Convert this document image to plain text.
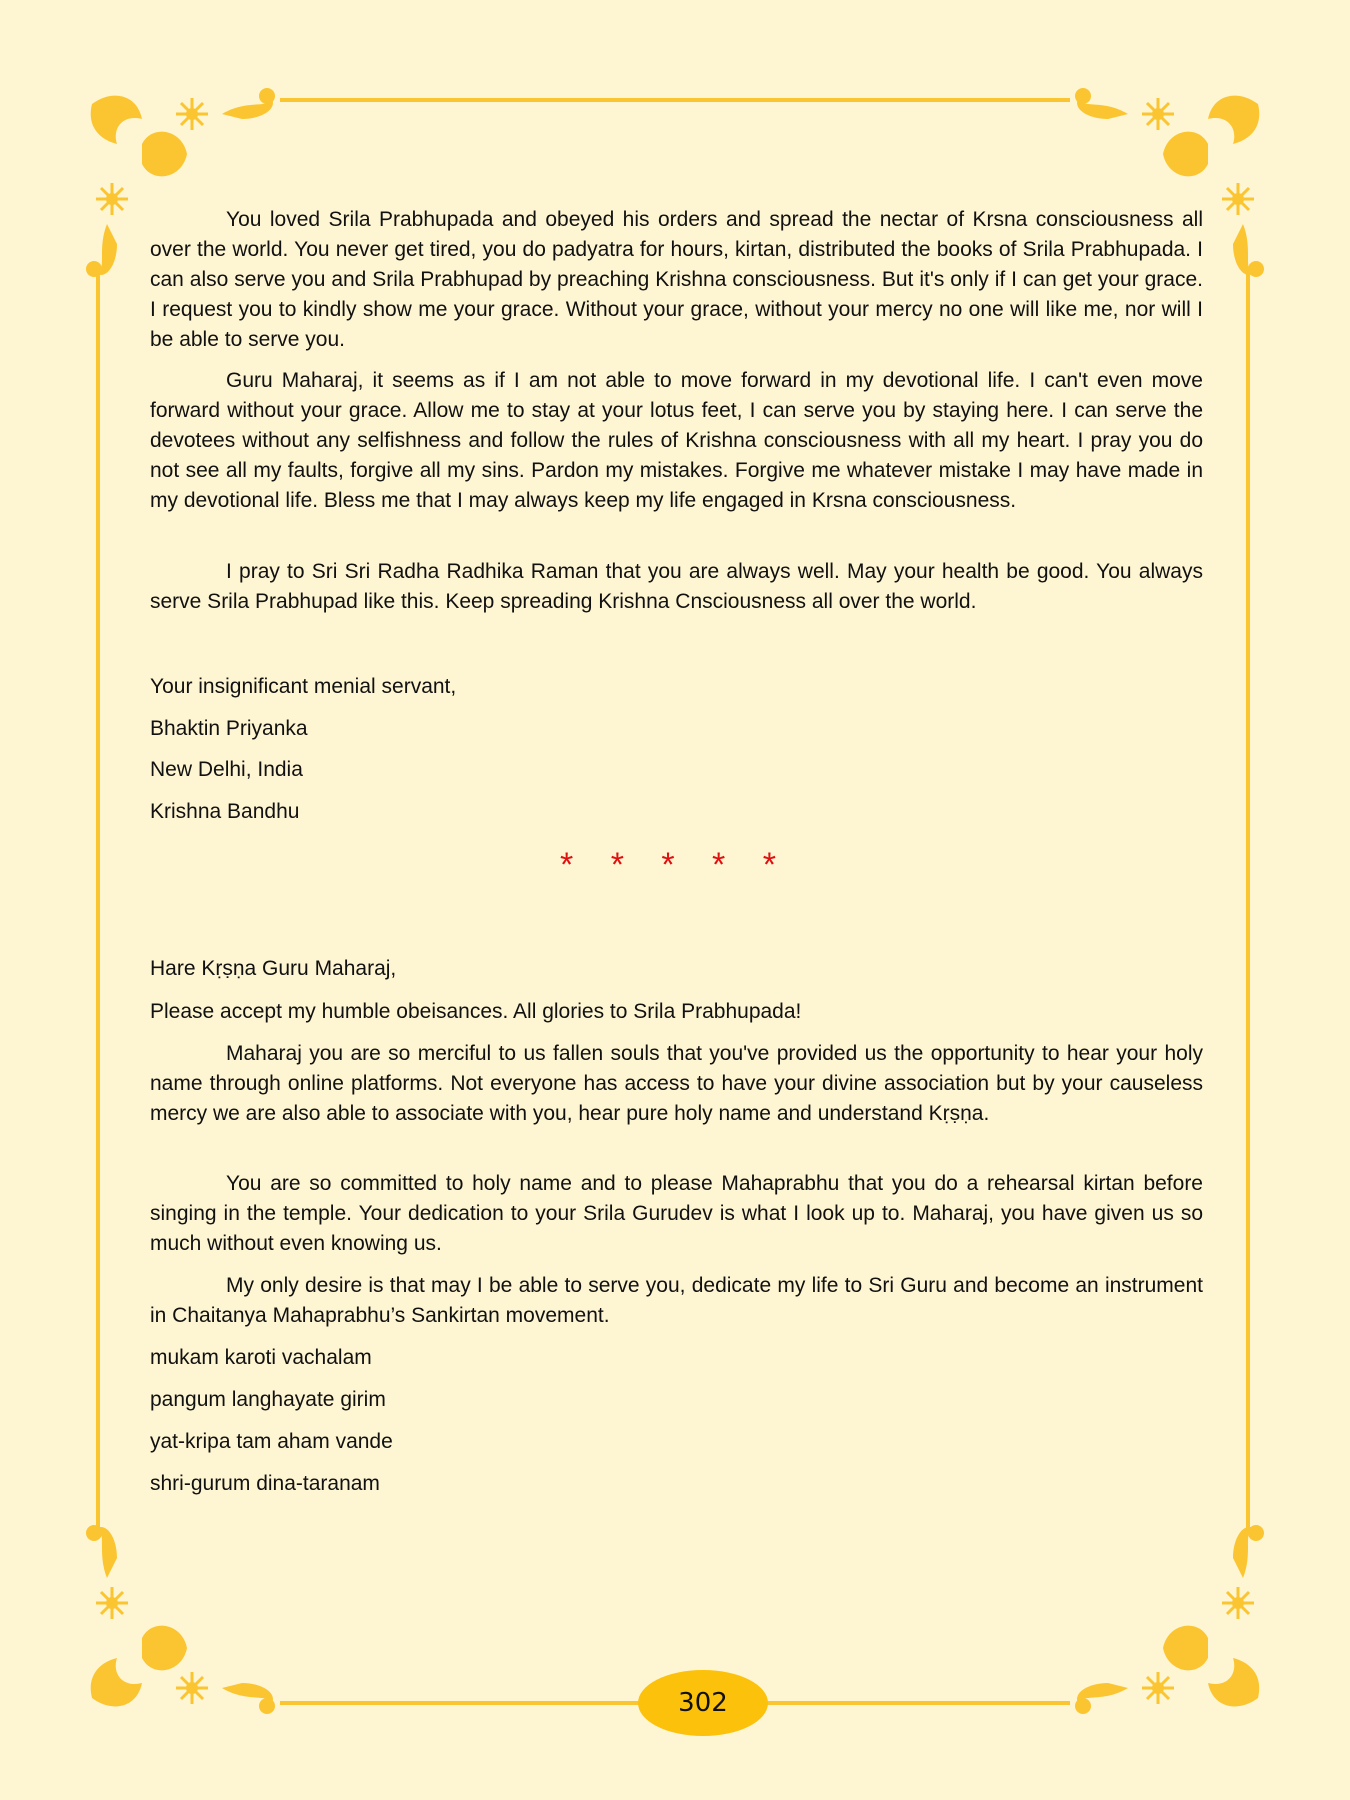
You loved Srila Prabhupada and obeyed his orders and spread the nectar of Krsna consciousness all over the world. You never get tired, you do padyatra for hours, kirtan, distributed the books of Srila Prabhupada. I can also serve you and Srila Prabhupad by preaching Krishna consciousness. But it's only if I can get your grace. I request you to kindly show me your grace. Without your grace, without your mercy no one will like me, nor will I be able to serve you.
Guru Maharaj, it seems as if I am not able to move forward in my devotional life. I can't even move forward without your grace. Allow me to stay at your lotus feet, I can serve you by staying here. I can serve the devotees without any selfishness and follow the rules of Krishna consciousness with all my heart. I pray you do not see all my faults, forgive all my sins. Pardon my mistakes. Forgive me whatever mistake I may have made in my devotional life. Bless me that I may always keep my life engaged in Krsna consciousness.
I pray to Sri Sri Radha Radhika Raman that you are always well. May your health be good. You always serve Srila Prabhupad like this. Keep spreading Krishna Cnsciousness all over the world.
Your insignificant menial servant,
Bhaktin Priyanka
New Delhi, India
Krishna Bandhu
* * * * *
Hare Kṛṣṇa Guru Maharaj,
Please accept my humble obeisances. All glories to Srila Prabhupada!
Maharaj you are so merciful to us fallen souls that you've provided us the opportunity to hear your holy name through online platforms. Not everyone has access to have your divine association but by your causeless mercy we are also able to associate with you, hear pure holy name and understand Kṛṣṇa.
You are so committed to holy name and to please Mahaprabhu that you do a rehearsal kirtan before singing in the temple. Your dedication to your Srila Gurudev is what I look up to. Maharaj, you have given us so much without even knowing us.
My only desire is that may I be able to serve you, dedicate my life to Sri Guru and become an instrument in Chaitanya Mahaprabhu’s Sankirtan movement.
mukam karoti vachalam
pangum langhayate girim
yat-kripa tam aham vande
shri-gurum dina-taranam
302
